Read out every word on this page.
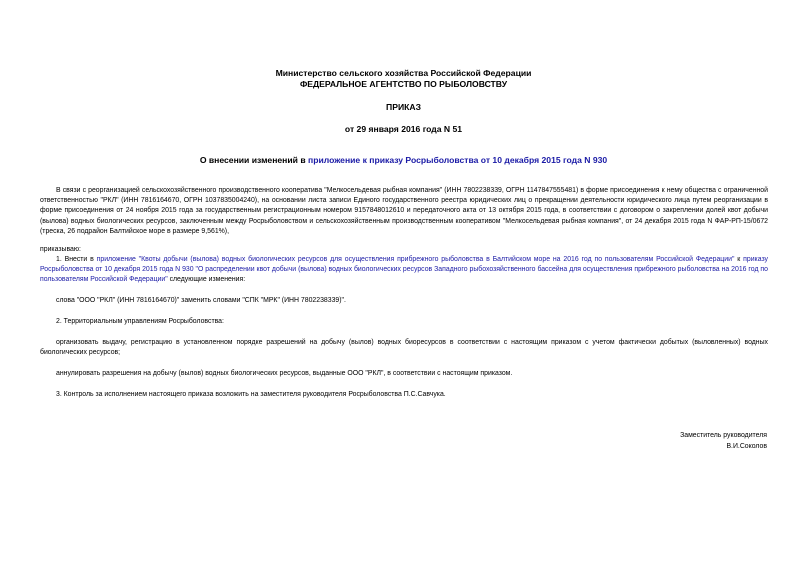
Министерство сельского хозяйства Российской Федерации
ФЕДЕРАЛЬНОЕ АГЕНТСТВО ПО РЫБОЛОВСТВУ
ПРИКАЗ
от 29 января 2016 года N 51
О внесении изменений в приложение к приказу Росрыболовства от 10 декабря 2015 года N 930
В связи с реорганизацией сельскохозяйственного производственного кооператива "Мелкосельдевая рыбная компания" (ИНН 7802238339, ОГРН 1147847555481) в форме присоединения к нему общества с ограниченной ответственностью "РКЛ" (ИНН 7816164670, ОГРН 1037835004240), на основании листа записи Единого государственного реестра юридических лиц о прекращении деятельности юридического лица путем реорганизации в форме присоединения от 24 ноября 2015 года за государственным регистрационным номером 9157848012610 и передаточного акта от 13 октября 2015 года, в соответствии с договором о закреплении долей квот добычи (вылова) водных биологических ресурсов, заключенным между Росрыболовством и сельскохозяйственным производственным кооперативом "Мелкосельдевая рыбная компания", от 24 декабря 2015 года N ФАР-РП-15/0672 (треска, 26 подрайон Балтийское море в размере 9,561%),
приказываю:
1. Внести в приложение "Квоты добычи (вылова) водных биологических ресурсов для осуществления прибрежного рыболовства в Балтийском море на 2016 год по пользователям Российской Федерации" к приказу Росрыболовства от 10 декабря 2015 года N 930 "О распределении квот добычи (вылова) водных биологических ресурсов Западного рыбохозяйственного бассейна для осуществления прибрежного рыболовства на 2016 год по пользователям Российской Федерации" следующие изменения:
слова "ООО "РКЛ" (ИНН 7816164670)" заменить словами "СПК "МРК" (ИНН 7802238339)".
2. Территориальным управлениям Росрыболовства:
организовать выдачу, регистрацию в установленном порядке разрешений на добычу (вылов) водных биоресурсов в соответствии с настоящим приказом с учетом фактически добытых (выловленных) водных биологических ресурсов;
аннулировать разрешения на добычу (вылов) водных биологических ресурсов, выданные ООО "РКЛ", в соответствии с настоящим приказом.
3. Контроль за исполнением настоящего приказа возложить на заместителя руководителя Росрыболовства П.С.Савчука.
Заместитель руководителя
В.И.Соколов
